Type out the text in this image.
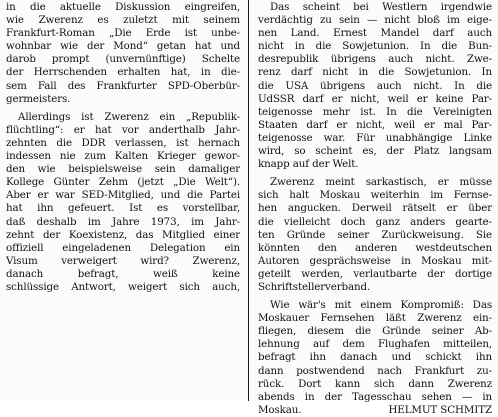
in die aktuelle Diskussion eingreifen,
wie Zwerenz es zuletzt mit seinem
Frankfurt-Roman „Die Erde ist unbe-
wohnbar wie der Mond“ getan hat und
darob prompt (unvernünftige) Schelte
der Herrschenden erhalten hat, in die-
sem Fall des Frankfurter SPD-Oberbür-
germeisters.

Allerdings ist Zwerenz ein „Republik-
flüchtling“: er hat vor anderthalb Jahr-
zehnten die DDR verlassen, ist hernach
indessen nie zum Kalten Krieger gewor-
den wie beispielsweise sein damaliger
Kollege Günter Zehm (jetzt „Die Welt“).
Aber er war SED-Mitglied, und die Partei
hat ihn gefeuert. Ist es vorstellbar,
daß deshalb im Jahre 1973, im Jahr-
zehnt der Koexistenz, das Mitglied einer
offiziell eingeladenen Delegation ein
Visum verweigert wird? Zwerenz,
danach befragt, weiß keine
schlüssige Antwort, weigert sich auch,

Das scheint bei Westlern irgendwie
verdächtig zu sein — nicht bloß im eige-
nen Land. Ernest Mandel darf auch
nicht in die Sowjetunion. In die Bun-
desrepublik übrigens auch nicht. Zwe-
renz darf nicht in die Sowjetunion. In
die USA übrigens auch nicht. In die
UdSSR darf er nicht, weil er keine Par-
teigenosse mehr ist. In die Vereinigten
Staaten darf er nicht, weil er mal Par-
teigenosse war. Für unabhängige Linke
wird, so scheint es, der Platz langsam
knapp auf der Welt.

Zwerenz meint sarkastisch, er müsse
sich halt Moskau weiterhin im Fernse-
hen angucken. Derweil rätselt er über
die vielleicht doch ganz anders gearte-
ten Gründe seiner Zurückweisung. Sie
könnten den anderen westdeutschen
Autoren gesprächsweise in Moskau mit-
geteilt werden, verlautbarte der dortige
Schriftstellerverband.

Wie wär's mit einem Kompromiß: Das
Moskauer Fernsehen läßt Zwerenz ein-
fliegen, diesem die Gründe seiner Ab-
lehnung auf dem Flughafen mitteilen,
befragt ihn danach und schickt ihn
dann postwendend nach Frankfurt zu-
rück. Dort kann sich dann Zwerenz
abends in der Tagesschau sehen — in
Moskau.	HELMUT SCHMITZ
